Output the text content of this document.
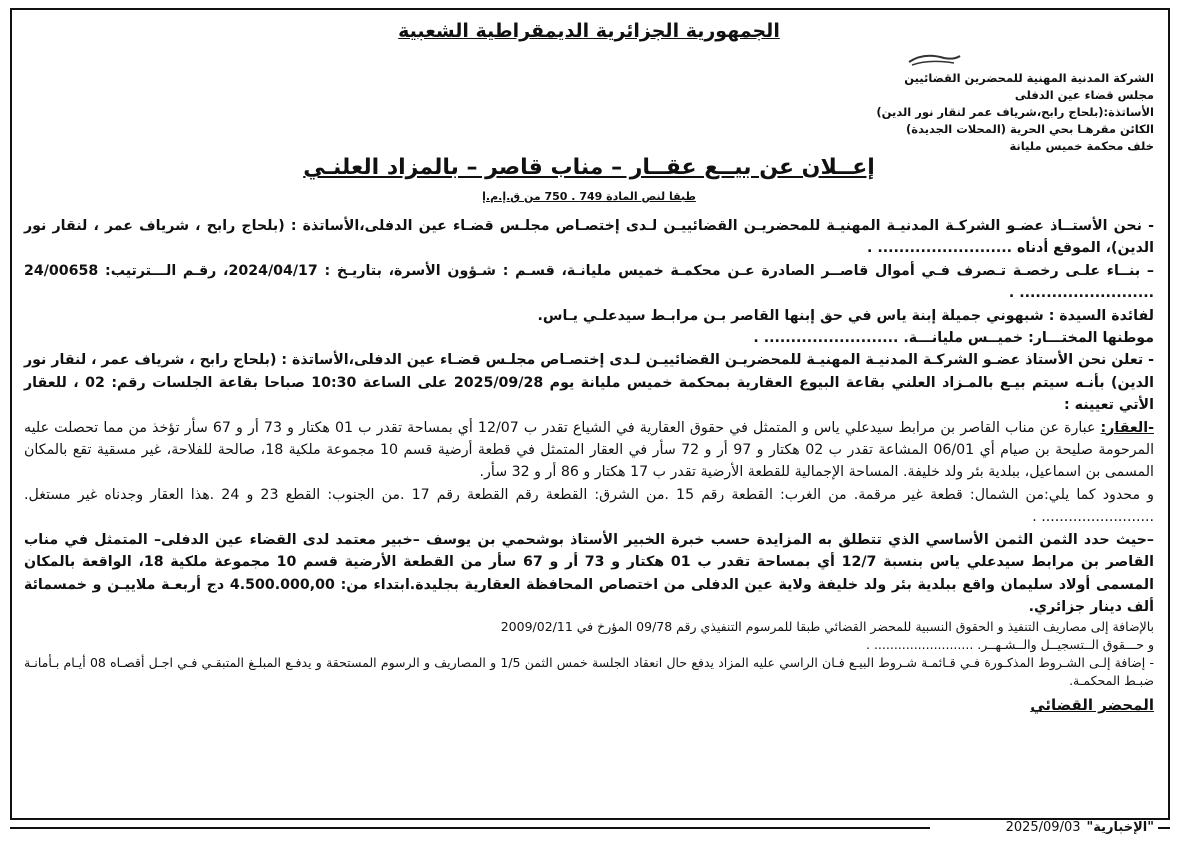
الجمهورية الجزائرية الديمقراطية الشعبية
الشركة المدنية المهنية للمحضرين القضائيين
مجلس قضاء عين الدفلى
الأساتذة:(بلحاج رابح،شرياف عمر لنقار نور الدين)
الكائن مقرهـا بحي الحرية (المحلات الجديدة)
خلف محكمة خميس مليانة
إعــلان عن بيــع عقــار – مناب قاصر – بالمزاد العلنـي
طبقا لنص المادة 749 . 750 من ق.إ.م.إ

- نحن الأستــاذ عضـو الشركـة المدنيـة المهنيـة للمحضريـن القضائييـن لـدى إختصـاص مجلـس قضـاء عين الدفلى،الأساتذة : (بلحاج رابح ، شرياف عمر ، لنقار نور الدين)، الموقع أدناه ......................... .

– بنــاء علـى رخصـة تـصرف فـي أموال قاصــر الصادرة عـن محكمـة خميس مليانـة، قسـم : شـؤون الأسرة، بتاريـخ : 2024/04/17، رقـم الـــترتيب: 24/00658 ......................... .

لفائدة السيدة : شبهوني جميلة إبنة ياس في حق إبنها القاصر بـن مرابـط سيدعلـي يـاس.

موطنها المختـــار: خميــس مليانـــة. ......................... .

- تعلن نحن الأستاذ عضـو الشركـة المدنيـة المهنيـة للمحضريـن القضائييـن لـدى إختصـاص مجلـس قضـاء عين الدفلى،الأساتذة : (بلحاج رابح ، شرياف عمر ، لنقار نور الدين) بأنـه سيتم بيـع بالمـزاد العلني بقاعة البيوع العقارية بمحكمة خميس مليانة يوم 2025/09/28 على الساعة 10:30 صباحا بقاعة الجلسات رقم: 02 ، للعقار الأتي تعيينه :

-العقار: عبارة عن مناب القاصر بن مرابط سيدعلي ياس و المتمثل في حقوق العقارية في الشياع تقدر ب 12/07 أي بمساحة تقدر ب 01 هكتار و 73 أر و 67 سأر تؤخذ من مما تحصلت عليه المرحومة صليحة بن صيام أي 06/01 المشاعة تقدر ب 02 هكتار و 97 أر و 72 سأر في العقار المتمثل في قطعة أرضية قسم 10 مجموعة ملكية 18، صالحة للفلاحة، غير مسقية تقع بالمكان المسمى بن اسماعيل، ببلدية بئر ولد خليفة. المساحة الإجمالية للقطعة الأرضية تقدر ب 17 هكتار و 86 أر و 32 سأر.

و محدود كما يلي:من الشمال: قطعة غير مرقمة. من الغرب: القطعة رقم 15 .من الشرق: القطعة رقم القطعة رقم 17 .من الجنوب: القطع 23 و 24 .هذا العقار وجدناه غير مستغل. ......................... .

–حيث حدد الثمن الثمن الأساسي الذي تتطلق به المزايدة حسب خبرة الخبير الأستاذ بوشحمي بن يوسف –خبير معتمد لدى القضاء عين الدفلى– المتمثل في مناب القاصر بن مرابط سيدعلي ياس بنسبة 12/7 أي بمساحة تقدر ب 01 هكتار و 73 أر و 67 سأر من القطعة الأرضية قسم 10 مجموعة ملكية 18، الواقعة بالمكان المسمى أولاد سليمان واقع ببلدية بئر ولد خليفة ولاية عين الدفلى من اختصاص المحافظة العقارية بجليدة.ابتداء من: 4.500.000,00 دج أربعـة ملاييـن و خمسمائة ألف دينار جزائري.

بالإضافة إلى مصاريف التنفيذ و الحقوق النسبية للمحضر القضائي طبقا للمرسوم التنفيذي رقم 09/78 المؤرخ في 2009/02/11

و حـــقوق الــتسجيــل والــشـهــر. ......................... .

- إضافة إلـى الشـروط المذكـورة فـي قـائمـة شـروط البيـع فـان الراسي عليه المزاد يدفع حال انعقاد الجلسة خمس الثمن 1/5 و المصاريف و الرسوم المستحقة و يدفـع المبلـغ المتبقـي فـي اجـل أقصـاه 08 أيـام بـأمانـة ضبـط المحكمـة.

المحضر القضائي
"الإخبارية"
2025/09/03
